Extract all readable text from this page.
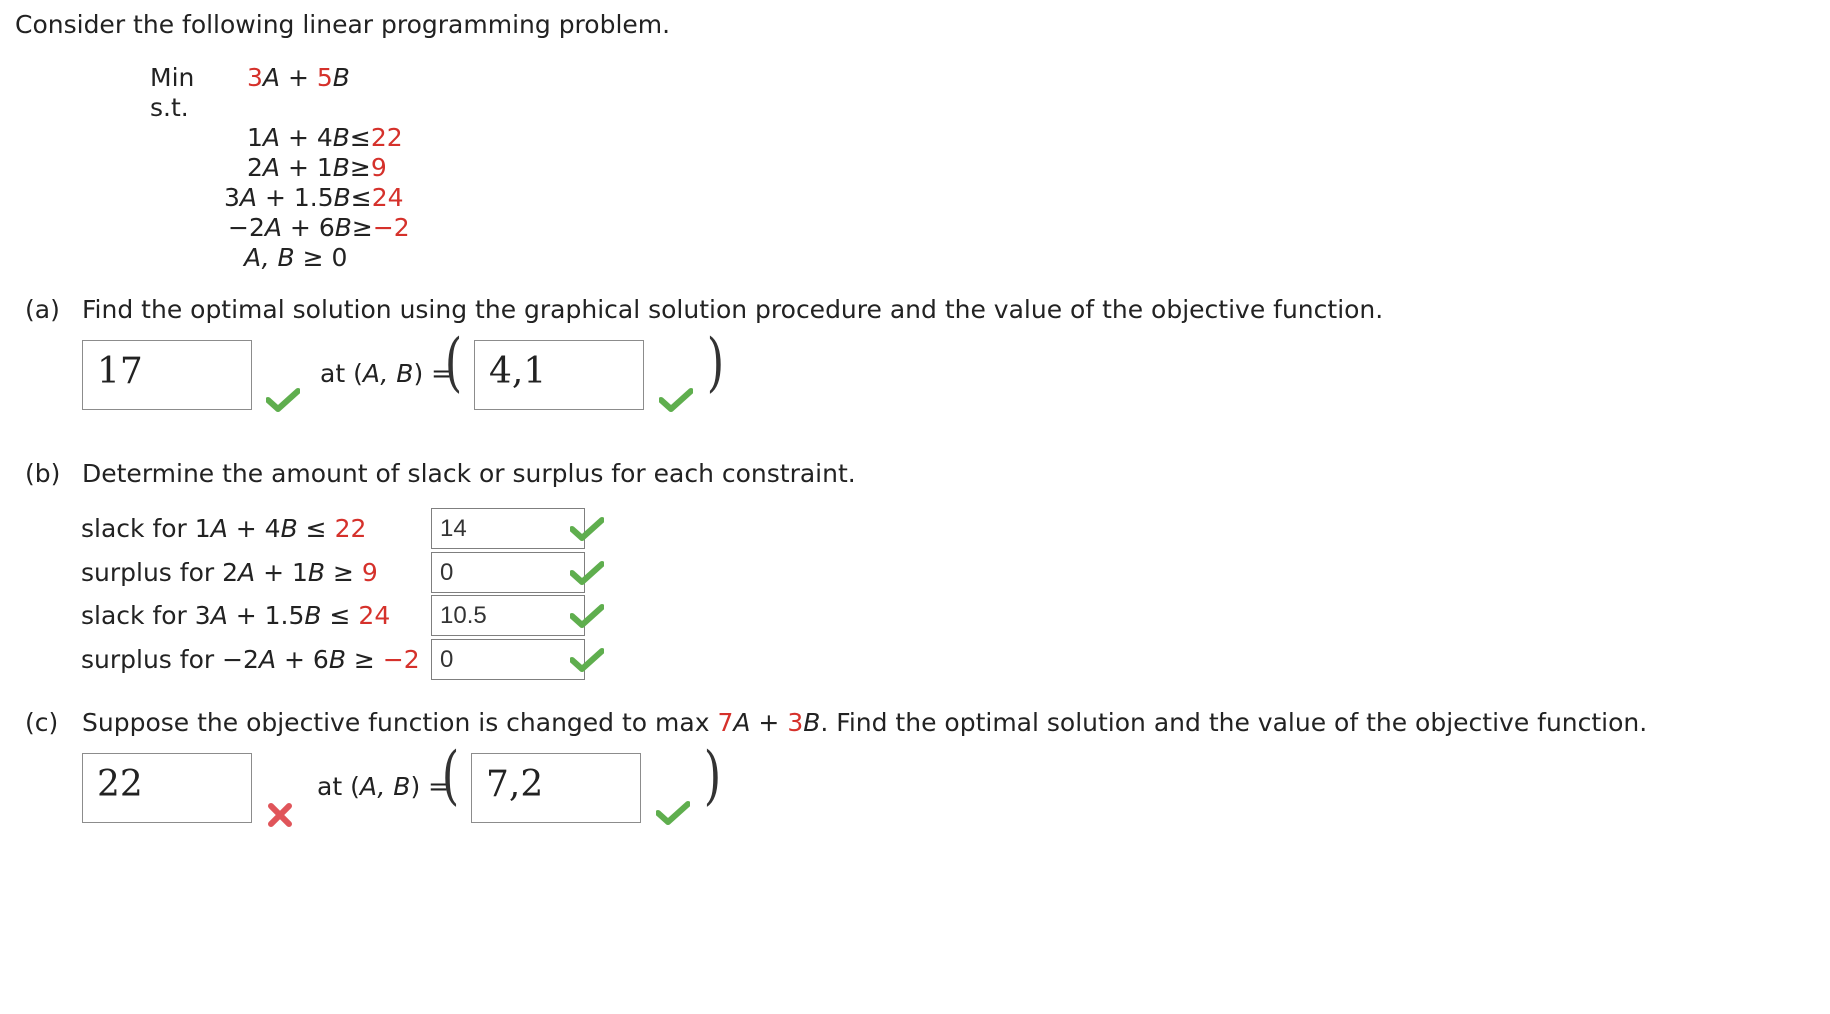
Consider the following linear programming problem.
Min 3A + 5B
s.t.
1A + 4B≤22
2A + 1B≥9
3A + 1.5B≤24
−2A + 6B≥−2
A, B ≥ 0
(a) Find the optimal solution using the graphical solution procedure and the value of the objective function.
17	at (A, B) =
( 4,1	)
(b) Determine the amount of slack or surplus for each constraint.
slack for 1A + 4B ≤ 22	14
surplus for 2A + 1B ≥ 9	0
slack for 3A + 1.5B ≤ 24 10.5
surplus for −2A + 6B ≥ −2 0
(c) Suppose the objective function is changed to max 7A + 3B. Find the optimal solution and the value of the objective function.
22	at (A, B) =
( 7,2	)
